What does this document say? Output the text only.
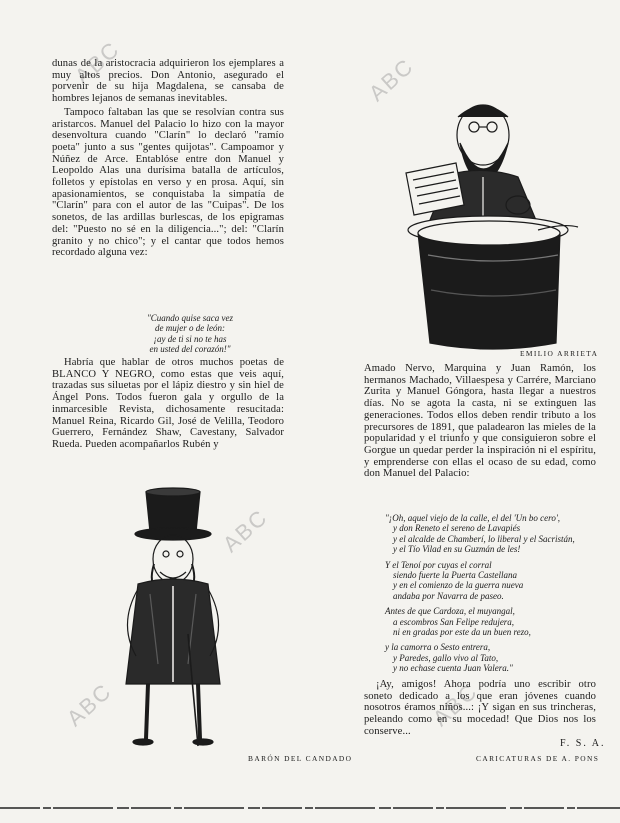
ABC	ABC
ABC
ABC	ABC

dunas de la aristocracia adquirieron los ejemplares a muy altos precios. Don Antonio, asegurado el porvenir de su hija Magdalena, se cansaba de hombres lejanos de semanas inevitables.

Tampoco faltaban las que se resolvían contra sus aristarcos. Manuel del Palacio lo hizo con la mayor desenvoltura cuando "Clarín" lo declaró "ramío poeta" junto a sus "gentes quijotas". Campoamor y Núñez de Arce. Entablóse entre don Manuel y Leopoldo Alas una durísima batalla de artículos, folletos y epístolas en verso y en prosa. Aquí, sin apasionamientos, se conquistaba la simpatía de "Clarín" para con el autor de las "Cuipas". De los sonetos, de las ardillas burlescas, de los epigramas del: "Puesto no sé en la diligencia..."; del: "Clarín granito y no chico"; y el cantar que todos hemos recordado alguna vez:

"Cuando quise saca vez
de mujer o de león:
¡ay de ti si no te has
en usted del corazón!"

Habría que hablar de otros muchos poetas de BLANCO Y NEGRO, como estas que veis aquí, trazadas sus siluetas por el lápiz diestro y sin hiel de Ángel Pons. Todos fueron gala y orgullo de la inmarcesible Revista, dichosamente resucitada: Manuel Reina, Ricardo Gil, José de Velilla, Teodoro Guerrero, Fernández Shaw, Cavestany, Salvador Rueda. Pueden acompañarlos Rubén y

EMILIO ARRIETA
BARÓN DEL CANDADO

Amado Nervo, Marquina y Juan Ramón, los hermanos Machado, Villaespesa y Carrére, Marciano Zurita y Manuel Góngora, hasta llegar a nuestros días. No se agota la casta, ni se extinguen las generaciones. Todos ellos deben rendir tributo a los precursores de 1891, que paladearon las mieles de la popularidad y el triunfo y que consiguieron sobre el Gorgue un quedar perder la inspiración ni el espíritu, y emprenderse con ellas el ocaso de su edad, como don Manuel del Palacio:

"¡Oh, aquel viejo de la calle, el del 'Un bo cero',
y don Reneto el sereno de Lavapiés
y el alcalde de Chamberí, lo liberal y el Sacristán,
y el Tío Vilad en su Guzmán de les!
Y el Tenoí por cuyas el corral
siendo fuerte la Puerta Castellana
y en el comienzo de la guerra nueva
andaba por Navarra de paseo.
Antes de que Cardoza, el muyangal,
a escombros San Felipe redujera,
ni en gradas por este da un buen rezo,
y la camorra o Sesto entrera,
y Paredes, gallo vivo al Tato,
y no echase cuenta Juan Valera."

¡Ay, amigos! Ahora podría uno escribir otro soneto dedicado a los que eran jóvenes cuando nosotros éramos niños...: ¡Y sigan en sus trincheras, peleando como en su mocedad! Que Dios nos los conserve...

F. S. A.
CARICATURAS DE A. PONS
